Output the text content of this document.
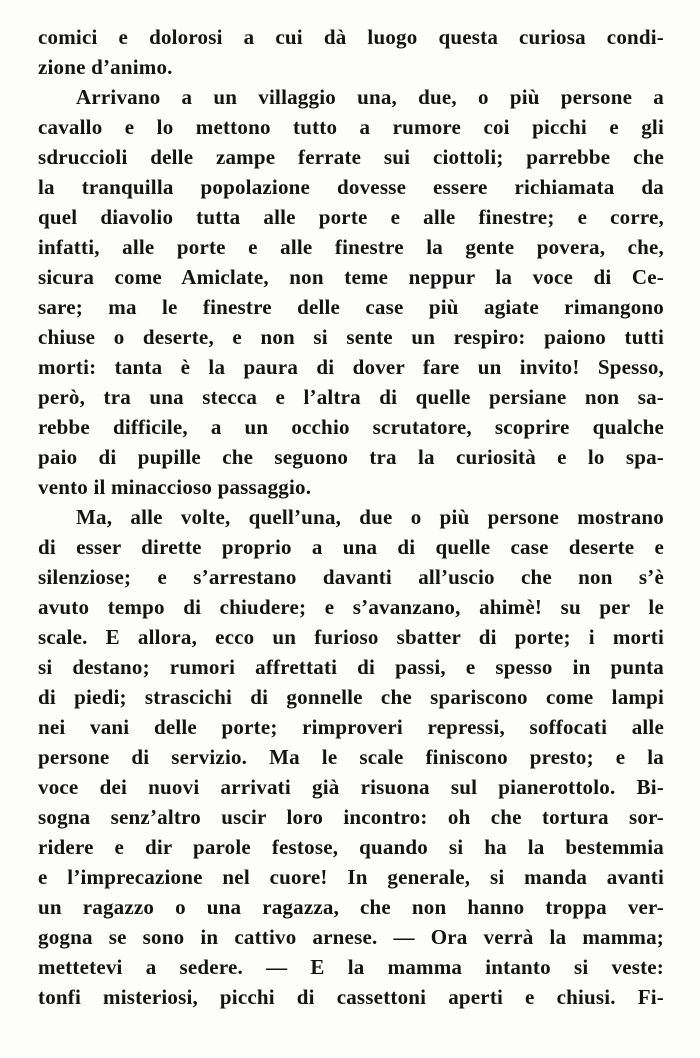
comici e dolorosi a cui dà luogo questa curiosa condi-
zione d’animo.
Arrivano a un villaggio una, due, o più persone a
cavallo e lo mettono tutto a rumore coi picchi e gli
sdruccioli delle zampe ferrate sui ciottoli; parrebbe che
la tranquilla popolazione dovesse essere richiamata da
quel diavolio tutta alle porte e alle finestre; e corre,
infatti, alle porte e alle finestre la gente povera, che,
sicura come Amiclate, non teme neppur la voce di Ce-
sare; ma le finestre delle case più agiate rimangono
chiuse o deserte, e non si sente un respiro: paiono tutti
morti: tanta è la paura di dover fare un invito! Spesso,
però, tra una stecca e l’altra di quelle persiane non sa-
rebbe difficile, a un occhio scrutatore, scoprire qualche
paio di pupille che seguono tra la curiosità e lo spa-
vento il minaccioso passaggio.
Ma, alle volte, quell’una, due o più persone mostrano
di esser dirette proprio a una di quelle case deserte e
silenziose; e s’arrestano davanti all’uscio che non s’è
avuto tempo di chiudere; e s’avanzano, ahimè! su per le
scale. E allora, ecco un furioso sbatter di porte; i morti
si destano; rumori affrettati di passi, e spesso in punta
di piedi; strascichi di gonnelle che spariscono come lampi
nei vani delle porte; rimproveri repressi, soffocati alle
persone di servizio. Ma le scale finiscono presto; e la
voce dei nuovi arrivati già risuona sul pianerottolo. Bi-
sogna senz’altro uscir loro incontro: oh che tortura sor-
ridere e dir parole festose, quando si ha la bestemmia
e l’imprecazione nel cuore! In generale, si manda avanti
un ragazzo o una ragazza, che non hanno troppa ver-
gogna se sono in cattivo arnese. — Ora verrà la mamma;
mettetevi a sedere. — E la mamma intanto si veste:
tonfi misteriosi, picchi di cassettoni aperti e chiusi. Fi-
